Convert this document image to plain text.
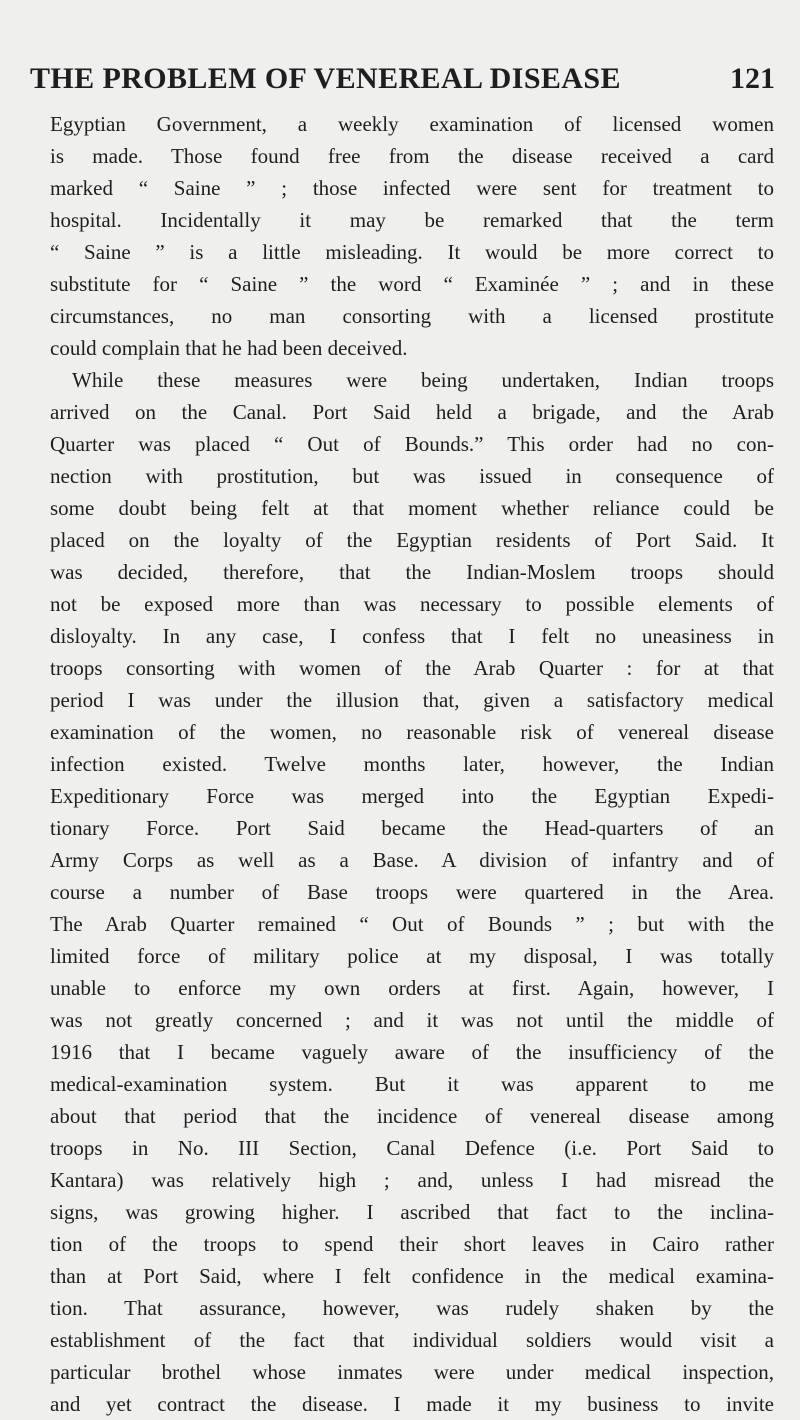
THE PROBLEM OF VENEREAL DISEASE	121
Egyptian Government, a weekly examination of licensed women
is made. Those found free from the disease received a card
marked “ Saine ” ; those infected were sent for treatment to
hospital. Incidentally it may be remarked that the term
“ Saine ” is a little misleading. It would be more correct to
substitute for “ Saine ” the word “ Examinée ” ; and in these
circumstances, no man consorting with a licensed prostitute
could complain that he had been deceived.
While these measures were being undertaken, Indian troops
arrived on the Canal. Port Said held a brigade, and the Arab
Quarter was placed “ Out of Bounds.” This order had no con-
nection with prostitution, but was issued in consequence of
some doubt being felt at that moment whether reliance could be
placed on the loyalty of the Egyptian residents of Port Said. It
was decided, therefore, that the Indian-Moslem troops should
not be exposed more than was necessary to possible elements of
disloyalty. In any case, I confess that I felt no uneasiness in
troops consorting with women of the Arab Quarter : for at that
period I was under the illusion that, given a satisfactory medical
examination of the women, no reasonable risk of venereal disease
infection existed. Twelve months later, however, the Indian
Expeditionary Force was merged into the Egyptian Expedi-
tionary Force. Port Said became the Head-quarters of an
Army Corps as well as a Base. A division of infantry and of
course a number of Base troops were quartered in the Area.
The Arab Quarter remained “ Out of Bounds ” ; but with the
limited force of military police at my disposal, I was totally
unable to enforce my own orders at first. Again, however, I
was not greatly concerned ; and it was not until the middle of
1916 that I became vaguely aware of the insufficiency of the
medical-examination system. But it was apparent to me
about that period that the incidence of venereal disease among
troops in No. III Section, Canal Defence (i.e. Port Said to
Kantara) was relatively high ; and, unless I had misread the
signs, was growing higher. I ascribed that fact to the inclina-
tion of the troops to spend their short leaves in Cairo rather
than at Port Said, where I felt confidence in the medical examina-
tion. That assurance, however, was rudely shaken by the
establishment of the fact that individual soldiers would visit a
particular brothel whose inmates were under medical inspection,
and yet contract the disease. I made it my business to invite
